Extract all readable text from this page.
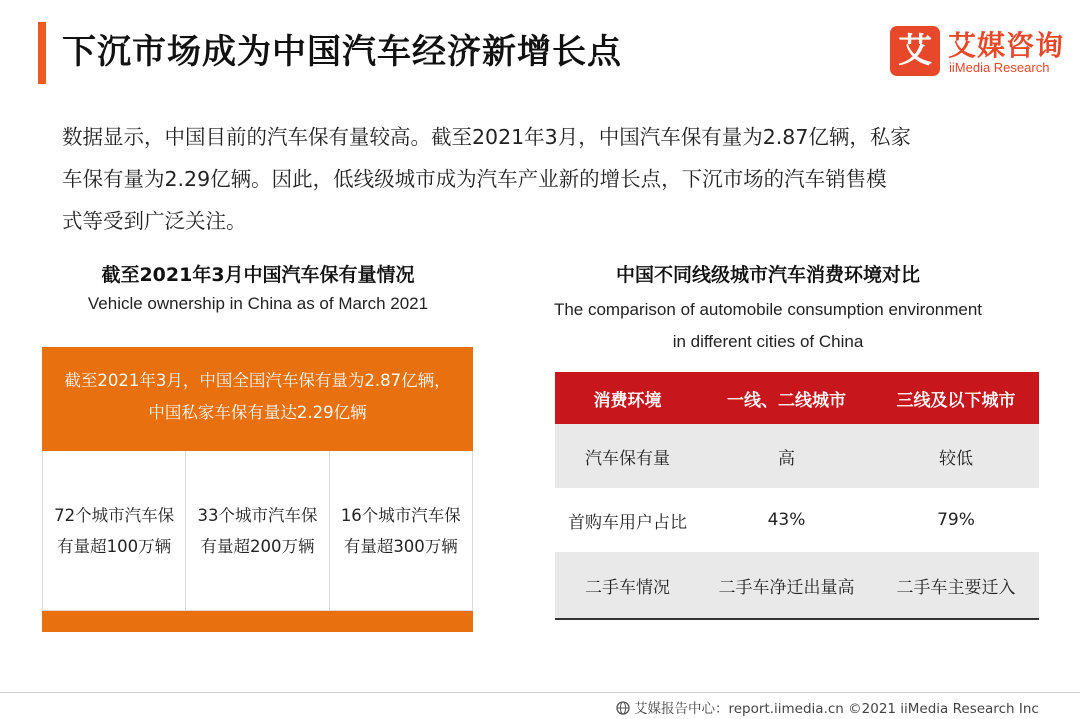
下沉市场成为中国汽车经济新增长点	艾 艾媒咨询
iiMedia Research
数据显示，中国目前的汽车保有量较高。截至2021年3月，中国汽车保有量为2.87亿辆，私家
车保有量为2.29亿辆。因此，低线级城市成为汽车产业新的增长点，下沉市场的汽车销售模
式等受到广泛关注。
截至2021年3月中国汽车保有量情况
Vehicle ownership in China as of March 2021
截至2021年3月，中国全国汽车保有量为2.87亿辆，
中国私家车保有量达2.29亿辆
72个城市汽车保
有量超100万辆
33个城市汽车保
有量超200万辆
16个城市汽车保
有量超300万辆
中国不同线级城市汽车消费环境对比
The comparison of automobile consumption environment
in different cities of China
消费环境	一线、二线城市	三线及以下城市
汽车保有量	高	较低
首购车用户占比	43%	79%
二手车情况	二手车净迁出量高	二手车主要迁入
艾媒报告中心：report.iimedia.cn ©2021 iiMedia Research Inc
